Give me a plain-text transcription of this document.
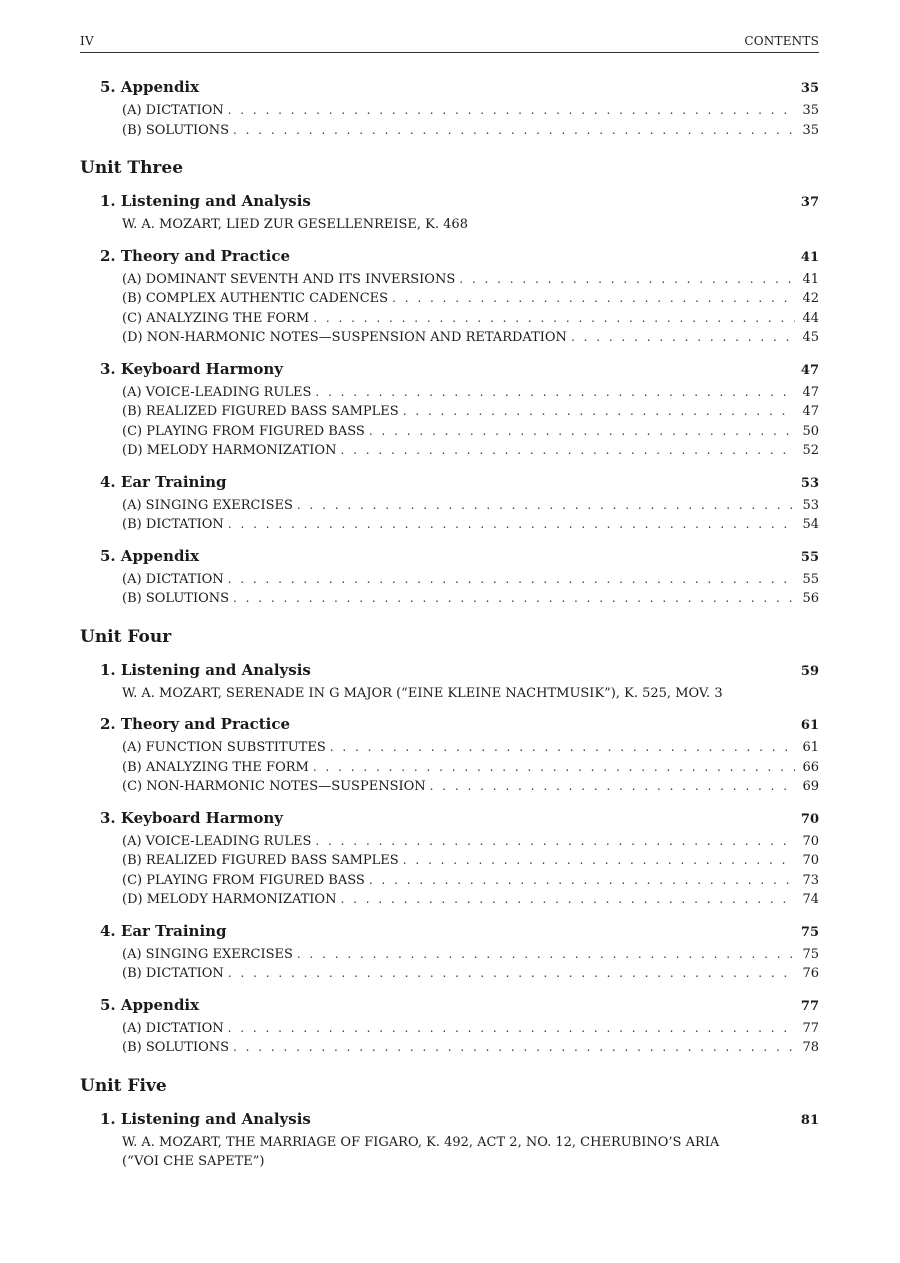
IV	CONTENTS
5. Appendix	35
(A) DICTATION . . .	35
(B) SOLUTIONS . . .	35
Unit Three
1. Listening and Analysis	37
W. A. MOZART, LIED ZUR GESELLENREISE, K. 468
2. Theory and Practice	41
(A) DOMINANT SEVENTH AND ITS INVERSIONS . . .	41
(B) COMPLEX AUTHENTIC CADENCES . . .	42
(C) ANALYZING THE FORM . . .	44
(D) NON-HARMONIC NOTES—SUSPENSION AND RETARDATION . . .	45
3. Keyboard Harmony	47
(A) VOICE-LEADING RULES . . .	47
(B) REALIZED FIGURED BASS SAMPLES . . .	47
(C) PLAYING FROM FIGURED BASS . . .	50
(D) MELODY HARMONIZATION . . .	52
4. Ear Training	53
(A) SINGING EXERCISES . . .	53
(B) DICTATION . . .	54
5. Appendix	55
(A) DICTATION . . .	55
(B) SOLUTIONS . . .	56
Unit Four
1. Listening and Analysis	59
W. A. MOZART, SERENADE IN G MAJOR (“EINE KLEINE NACHTMUSIK”), K. 525, MOV. 3
2. Theory and Practice	61
(A) FUNCTION SUBSTITUTES . . .	61
(B) ANALYZING THE FORM . . .	66
(C) NON-HARMONIC NOTES—SUSPENSION . . .	69
3. Keyboard Harmony	70
(A) VOICE-LEADING RULES . . .	70
(B) REALIZED FIGURED BASS SAMPLES . . .	70
(C) PLAYING FROM FIGURED BASS . . .	73
(D) MELODY HARMONIZATION . . .	74
4. Ear Training	75
(A) SINGING EXERCISES . . .	75
(B) DICTATION . . .	76
5. Appendix	77
(A) DICTATION . . .	77
(B) SOLUTIONS . . .	78
Unit Five
1. Listening and Analysis	81
W. A. MOZART, THE MARRIAGE OF FIGARO, K. 492, ACT 2, NO. 12, CHERUBINO’S ARIA (“VOI CHE SAPETE”)
